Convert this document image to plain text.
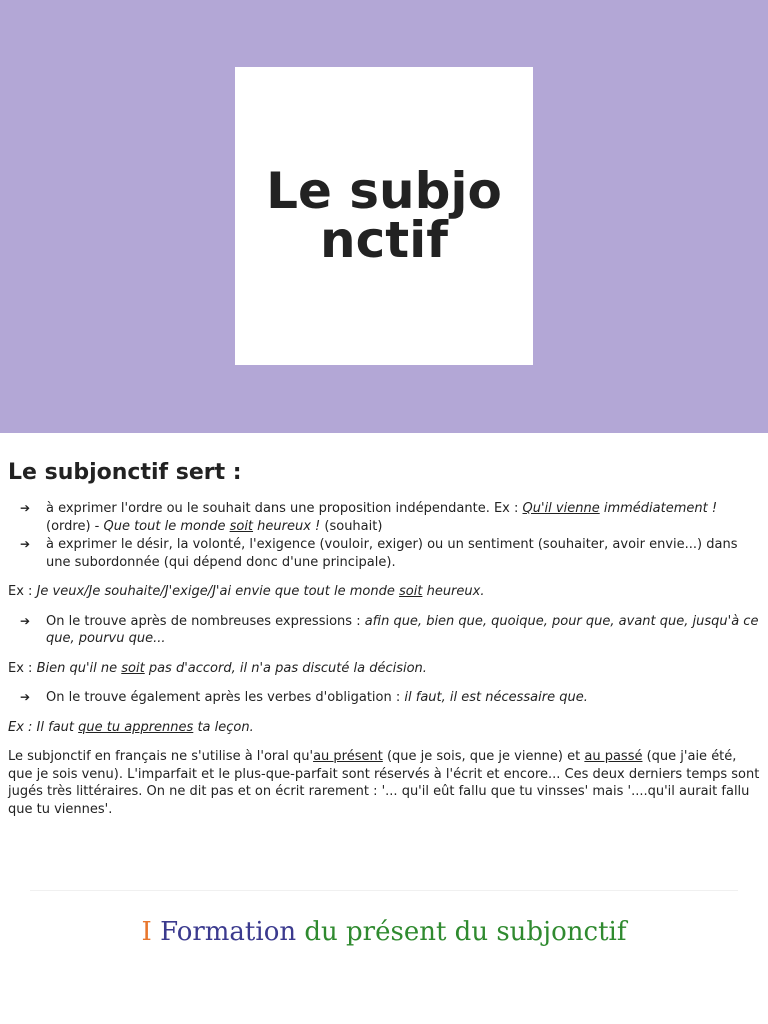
Le subjonctif
Le subjonctif sert :
➔ à exprimer l'ordre ou le souhait dans une proposition indépendante. Ex : Qu'il vienne immédiatement ! (ordre) - Que tout le monde soit heureux ! (souhait)
➔ à exprimer le désir, la volonté, l'exigence (vouloir, exiger) ou un sentiment (souhaiter, avoir envie...) dans une subordonnée (qui dépend donc d'une principale).

Ex : Je veux/Je souhaite/J'exige/J'ai envie que tout le monde soit heureux.

➔ On le trouve après de nombreuses expressions : afin que, bien que, quoique, pour que, avant que, jusqu'à ce que, pourvu que...

Ex : Bien qu'il ne soit pas d'accord, il n'a pas discuté la décision.

➔ On le trouve également après les verbes d'obligation : il faut, il est nécessaire que.

Ex : Il faut que tu apprennes ta leçon.

Le subjonctif en français ne s'utilise à l'oral qu'au présent (que je sois, que je vienne) et au passé (que j'aie été, que je sois venu). L'imparfait et le plus-que-parfait sont réservés à l'écrit et encore... Ces deux derniers temps sont jugés très littéraires. On ne dit pas et on écrit rarement : '... qu'il eût fallu que tu vinsses' mais '....qu'il aurait fallu que tu viennes'.

I Formation du présent du subjonctif
